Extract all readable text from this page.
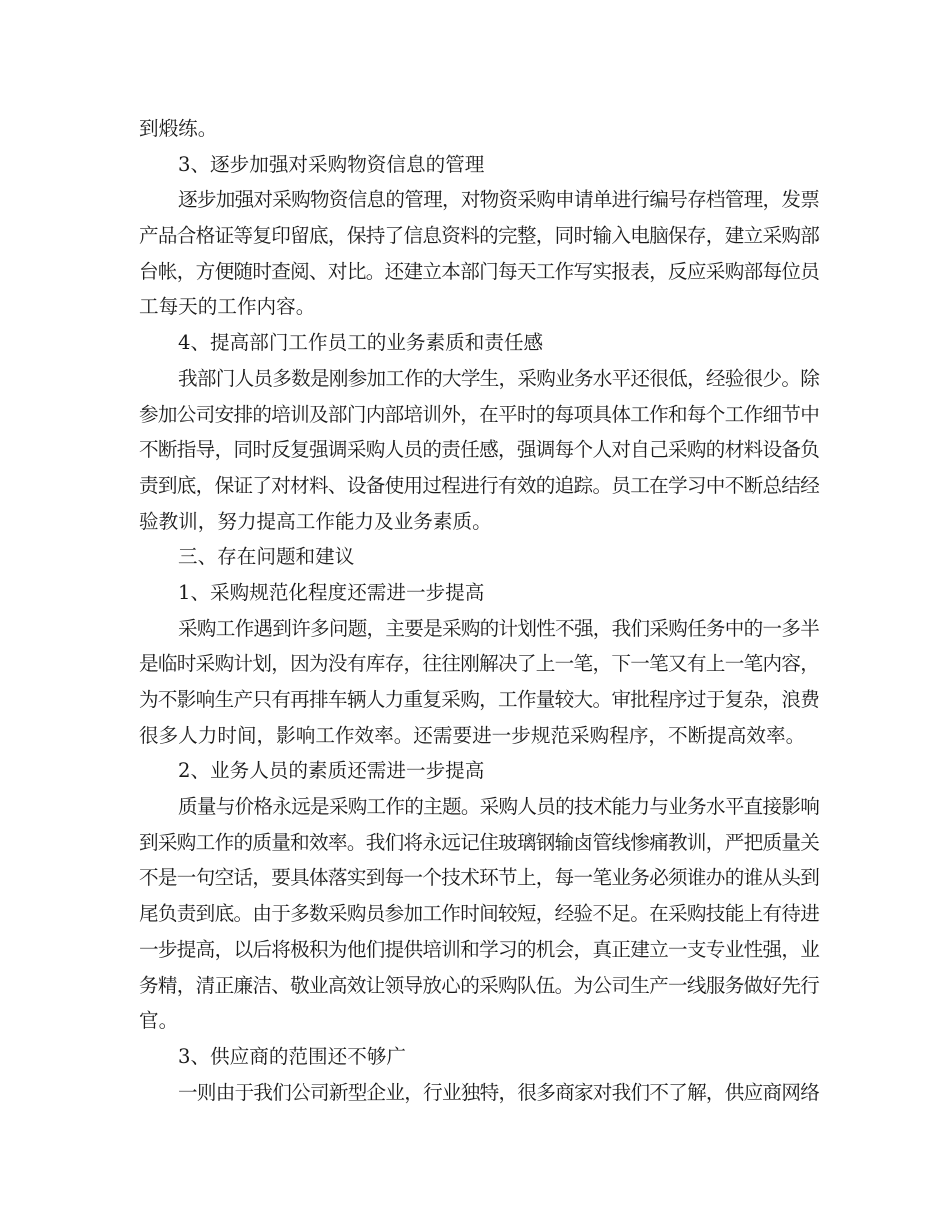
到煅练。
3、逐步加强对采购物资信息的管理
逐步加强对采购物资信息的管理，对物资采购申请单进行编号存档管理，发票
产品合格证等复印留底，保持了信息资料的完整，同时输入电脑保存，建立采购部
台帐，方便随时查阅、对比。还建立本部门每天工作写实报表，反应采购部每位员
工每天的工作内容。
4、提高部门工作员工的业务素质和责任感
我部门人员多数是刚参加工作的大学生，采购业务水平还很低，经验很少。除
参加公司安排的培训及部门内部培训外，在平时的每项具体工作和每个工作细节中
不断指导，同时反复强调采购人员的责任感，强调每个人对自己采购的材料设备负
责到底，保证了对材料、设备使用过程进行有效的追踪。员工在学习中不断总结经
验教训，努力提高工作能力及业务素质。
三、存在问题和建议
1、采购规范化程度还需进一步提高
采购工作遇到许多问题，主要是采购的计划性不强，我们采购任务中的一多半
是临时采购计划，因为没有库存，往往刚解决了上一笔，下一笔又有上一笔内容，
为不影响生产只有再排车辆人力重复采购，工作量较大。审批程序过于复杂，浪费
很多人力时间，影响工作效率。还需要进一步规范采购程序，不断提高效率。
2、业务人员的素质还需进一步提高
质量与价格永远是采购工作的主题。采购人员的技术能力与业务水平直接影响
到采购工作的质量和效率。我们将永远记住玻璃钢输卤管线惨痛教训，严把质量关
不是一句空话，要具体落实到每一个技术环节上，每一笔业务必须谁办的谁从头到
尾负责到底。由于多数采购员参加工作时间较短，经验不足。在采购技能上有待进
一步提高，以后将极积为他们提供培训和学习的机会，真正建立一支专业性强，业
务精，清正廉洁、敬业高效让领导放心的采购队伍。为公司生产一线服务做好先行
官。
3、供应商的范围还不够广
一则由于我们公司新型企业，行业独特，很多商家对我们不了解，供应商网络
